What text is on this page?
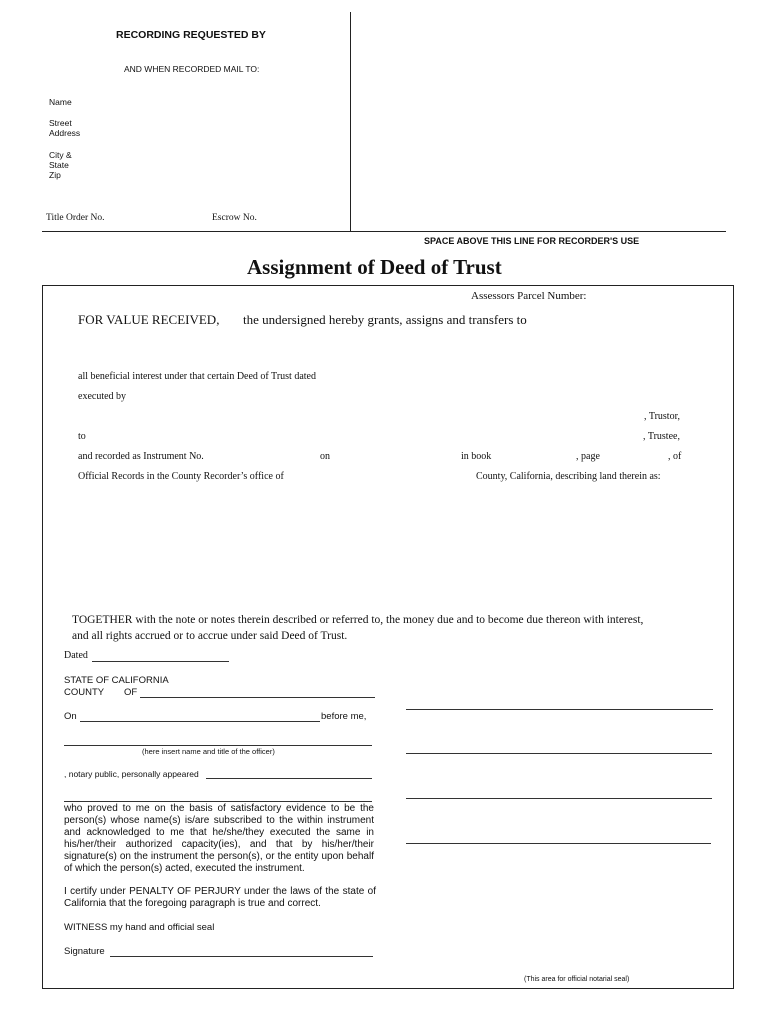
RECORDING REQUESTED BY
AND WHEN RECORDED MAIL TO:
Name
Street
Address
City &
State
Zip
Title Order No.	Escrow No.
SPACE ABOVE THIS LINE FOR RECORDER'S USE
Assignment of Deed of Trust
Assessors Parcel Number:
FOR VALUE RECEIVED, the undersigned hereby grants, assigns and transfers to
all beneficial interest under that certain Deed of Trust dated
executed by
, Trustor,
to	, Trustee,
and recorded as Instrument No.	on	in book	, page	, of
Official Records in the County Recorder’s office of	County, California, describing land therein as:
TOGETHER with the note or notes therein described or referred to, the money due and to become due thereon with interest,
and all rights accrued or to accrue under said Deed of Trust.
Dated
STATE OF CALIFORNIA
COUNTY OF
On	before me,
(here insert name and title of the officer)
, notary public, personally appeared
who proved to me on the basis of satisfactory evidence to be the person(s) whose name(s) is/are subscribed to the within instrument and acknowledged to me that he/she/they executed the same in his/her/their authorized capacity(ies), and that by his/her/their signature(s) on the instrument the person(s), or the entity upon behalf of which the person(s) acted, executed the instrument.
I certify under PENALTY OF PERJURY under the laws of the state of California that the foregoing paragraph is true and correct.
WITNESS my hand and official seal
Signature
(This area for official notarial seal)
